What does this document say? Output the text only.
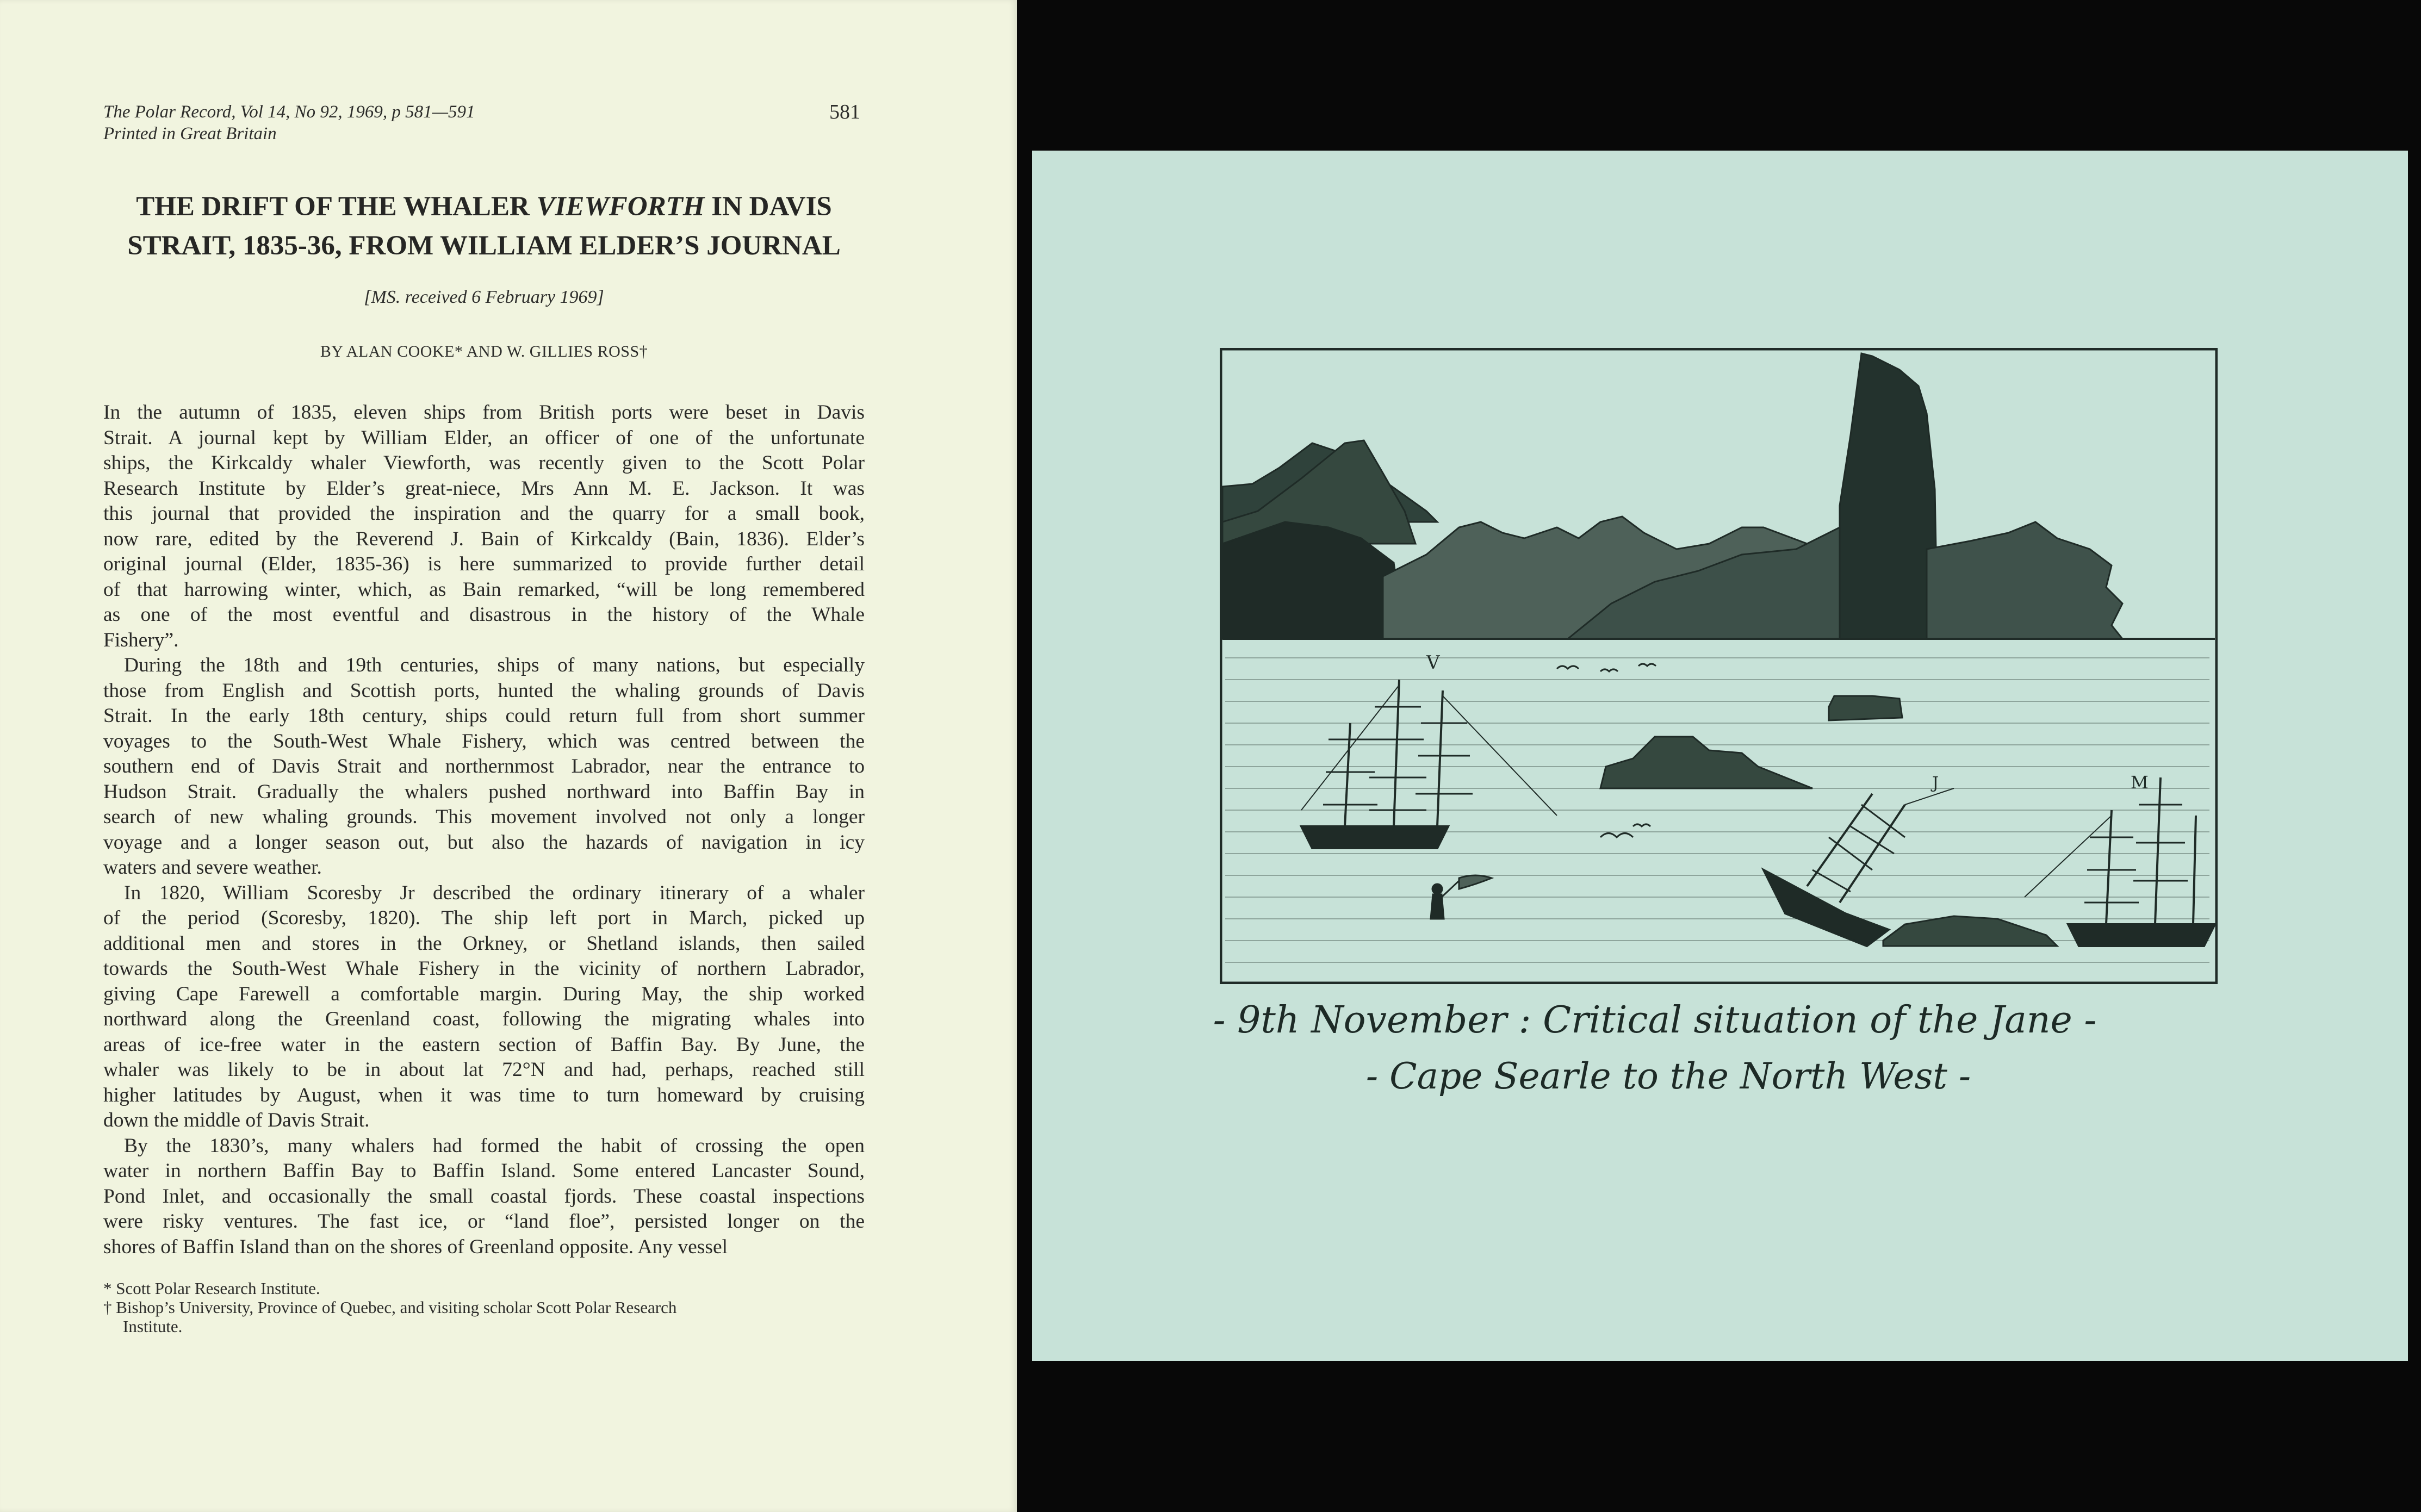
The Polar Record, Vol 14, No 92, 1969, p 581—591
Printed in Great Britain
581
THE DRIFT OF THE WHALER VIEWFORTH IN DAVIS
STRAIT, 1835-36, FROM WILLIAM ELDER’S JOURNAL
[MS. received 6 February 1969]
BY ALAN COOKE* AND W. GILLIES ROSS†
In the autumn of 1835, eleven ships from British ports were beset in Davis
Strait. A journal kept by William Elder, an officer of one of the unfortunate
ships, the Kirkcaldy whaler Viewforth, was recently given to the Scott Polar
Research Institute by Elder’s great-niece, Mrs Ann M. E. Jackson. It was
this journal that provided the inspiration and the quarry for a small book,
now rare, edited by the Reverend J. Bain of Kirkcaldy (Bain, 1836). Elder’s
original journal (Elder, 1835-36) is here summarized to provide further detail
of that harrowing winter, which, as Bain remarked, “will be long remembered
as one of the most eventful and disastrous in the history of the Whale
Fishery”.
During the 18th and 19th centuries, ships of many nations, but especially
those from English and Scottish ports, hunted the whaling grounds of Davis
Strait. In the early 18th century, ships could return full from short summer
voyages to the South-West Whale Fishery, which was centred between the
southern end of Davis Strait and northernmost Labrador, near the entrance to
Hudson Strait. Gradually the whalers pushed northward into Baffin Bay in
search of new whaling grounds. This movement involved not only a longer
voyage and a longer season out, but also the hazards of navigation in icy
waters and severe weather.
In 1820, William Scoresby Jr described the ordinary itinerary of a whaler
of the period (Scoresby, 1820). The ship left port in March, picked up
additional men and stores in the Orkney, or Shetland islands, then sailed
towards the South-West Whale Fishery in the vicinity of northern Labrador,
giving Cape Farewell a comfortable margin. During May, the ship worked
northward along the Greenland coast, following the migrating whales into
areas of ice-free water in the eastern section of Baffin Bay. By June, the
whaler was likely to be in about lat 72°N and had, perhaps, reached still
higher latitudes by August, when it was time to turn homeward by cruising
down the middle of Davis Strait.
By the 1830’s, many whalers had formed the habit of crossing the open
water in northern Baffin Bay to Baffin Island. Some entered Lancaster Sound,
Pond Inlet, and occasionally the small coastal fjords. These coastal inspections
were risky ventures. The fast ice, or “land floe”, persisted longer on the
shores of Baffin Island than on the shores of Greenland opposite. Any vessel
* Scott Polar Research Institute.
† Bishop’s University, Province of Quebec, and visiting scholar Scott Polar Research
Institute.
V
J	M
- 9th November : Critical situation of the Jane -
- Cape Searle to the North West -
